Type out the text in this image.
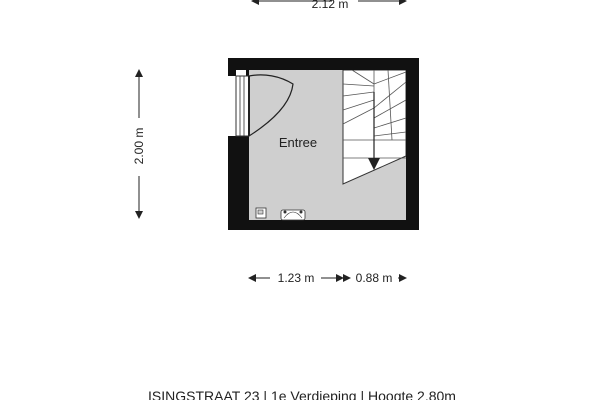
2.12 m
2.00 m	Entree
1.23 m	0.88 m
ISINGSTRAAT 23 | 1e Verdieping | Hoogte 2.80m
